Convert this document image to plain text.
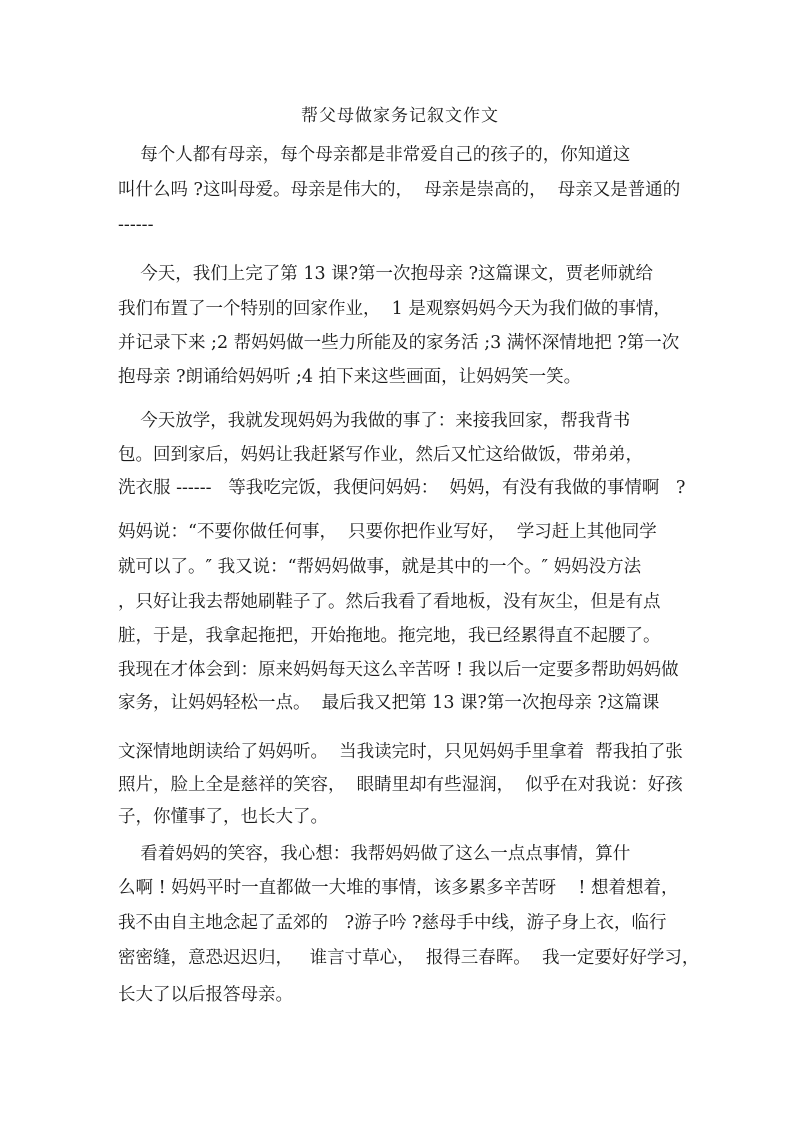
帮父母做家务记叙文作文
每个人都有母亲，每个母亲都是非常爱自己的孩子的，你知道这
叫什么吗 ?这叫母爱。母亲是伟大的，  母亲是崇高的，  母亲又是普通的
------
今天，我们上完了第 13 课?第一次抱母亲 ?这篇课文，贾老师就给
我们布置了一个特别的回家作业，  1 是观察妈妈今天为我们做的事情，
并记录下来 ;2 帮妈妈做一些力所能及的家务活 ;3 满怀深情地把 ?第一次
抱母亲 ?朗诵给妈妈听 ;4 拍下来这些画面，让妈妈笑一笑。
今天放学，我就发现妈妈为我做的事了：来接我回家，帮我背书
包。回到家后，妈妈让我赶紧写作业，然后又忙这给做饭，带弟弟，
洗衣服 ------   等我吃完饭，我便问妈妈：  妈妈，有没有我做的事情啊   ?
妈妈说：“不要你做任何事，  只要你把作业写好，  学习赶上其他同学
就可以了。″ 我又说：“帮妈妈做事，就是其中的一个。″ 妈妈没方法
，只好让我去帮她刷鞋子了。然后我看了看地板，没有灰尘，但是有点
脏，于是，我拿起拖把，开始拖地。拖完地，我已经累得直不起腰了。
我现在才体会到：原来妈妈每天这么辛苦呀 ! 我以后一定要多帮助妈妈做
家务，让妈妈轻松一点。  最后我又把第 13 课?第一次抱母亲 ?这篇课
文深情地朗读给了妈妈听。  当我读完时，只见妈妈手里拿着  帮我拍了张
照片，脸上全是慈祥的笑容，  眼睛里却有些湿润，  似乎在对我说：好孩
子，你懂事了，也长大了。
看着妈妈的笑容，我心想：我帮妈妈做了这么一点点事情，算什
么啊 ! 妈妈平时一直都做一大堆的事情，该多累多辛苦呀    ! 想着想着，
我不由自主地念起了孟郊的   ?游子吟 ?慈母手中线，游子身上衣，临行
密密缝，意恐迟迟归，   谁言寸草心，  报得三春晖。  我一定要好好学习，
长大了以后报答母亲。
